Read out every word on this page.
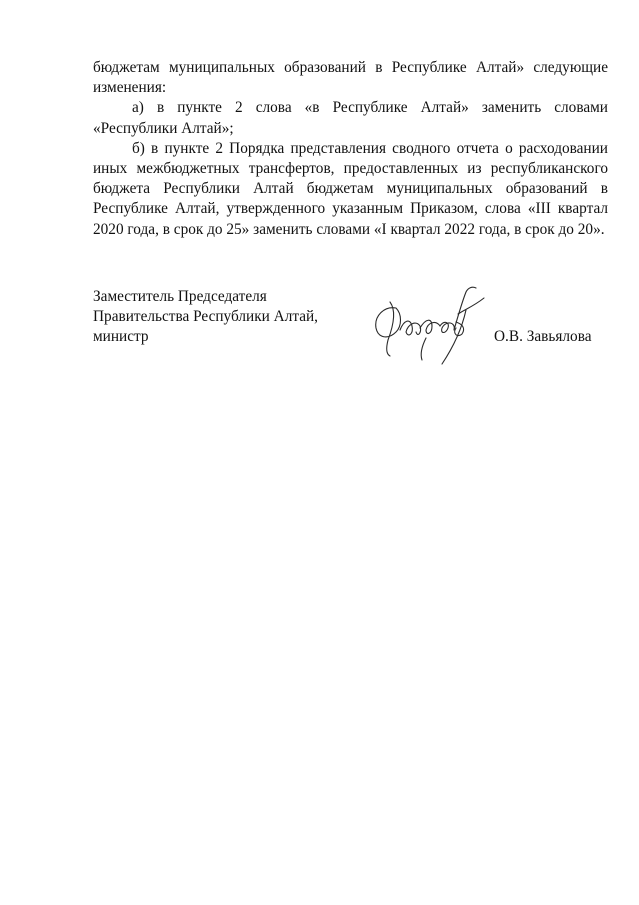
бюджетам муниципальных образований в Республике Алтай» следующие изменения:

а) в пункте 2 слова «в Республике Алтай» заменить словами «Республики Алтай»;

б) в пункте 2 Порядка представления сводного отчета о расходовании иных межбюджетных трансфертов, предоставленных из республиканского бюджета Республики Алтай бюджетам муниципальных образований в Республике Алтай, утвержденного указанным Приказом, слова «III квартал 2020 года, в срок до 25» заменить словами «I квартал 2022 года, в срок до 20».

Заместитель Председателя
Правительства Республики Алтай,
министр	О.В. Завьялова
